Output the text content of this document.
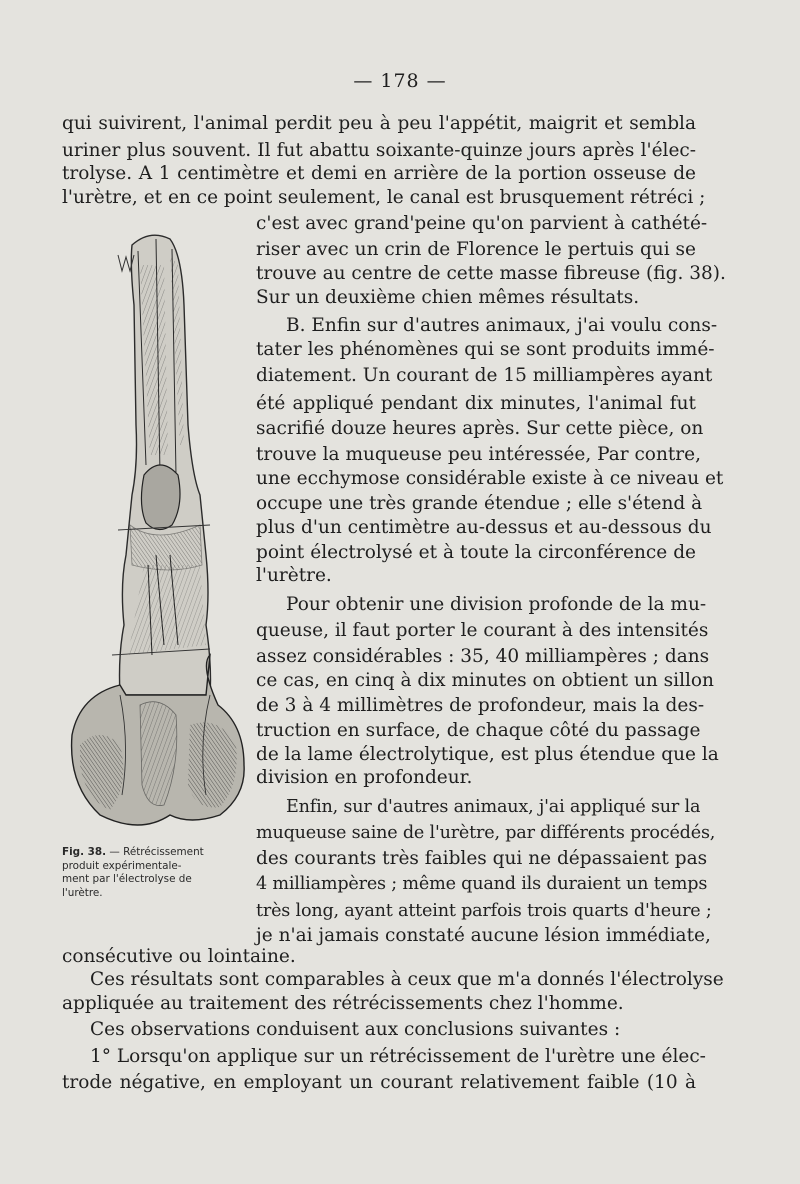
— 178 —
qui suivirent, l'animal perdit peu à peu l'appétit, maigrit et sembla
uriner plus souvent. Il fut abattu soixante-quinze jours après l'élec-
trolyse. A 1 centimètre et demi en arrière de la portion osseuse de
l'urètre, et en ce point seulement, le canal est brusquement rétréci ;
c'est avec grand'peine qu'on parvient à cathété-
riser avec un crin de Florence le pertuis qui se
trouve au centre de cette masse fibreuse (fig. 38).
Sur un deuxième chien mêmes résultats.
B. Enfin sur d'autres animaux, j'ai voulu cons-
tater les phénomènes qui se sont produits immé-
diatement. Un courant de 15 milliampères ayant
été appliqué pendant dix minutes, l'animal fut
sacrifié douze heures après. Sur cette pièce, on
trouve la muqueuse peu intéressée, Par contre,
une ecchymose considérable existe à ce niveau et
occupe une très grande étendue ; elle s'étend à
plus d'un centimètre au-dessus et au-dessous du
point électrolysé et à toute la circonférence de
l'urètre.
Pour obtenir une division profonde de la mu-
queuse, il faut porter le courant à des intensités
assez considérables : 35, 40 milliampères ; dans
ce cas, en cinq à dix minutes on obtient un sillon
de 3 à 4 millimètres de profondeur, mais la des-
truction en surface, de chaque côté du passage
de la lame électrolytique, est plus étendue que la
division en profondeur.
Enfin, sur d'autres animaux, j'ai appliqué sur la
muqueuse saine de l'urètre, par différents procédés,
des courants très faibles qui ne dépassaient pas
4 milliampères ; même quand ils duraient un temps
très long, ayant atteint parfois trois quarts d'heure ;
je n'ai jamais constaté aucune lésion immédiate,
consécutive ou lointaine.
Ces résultats sont comparables à ceux que m'a donnés l'électrolyse
appliquée au traitement des rétrécissements chez l'homme.
Ces observations conduisent aux conclusions suivantes :
1° Lorsqu'on applique sur un rétrécissement de l'urètre une élec-
trode négative, en employant un courant relativement faible (10 à
Fig. 38. — Rétrécissement
produit expérimentale-
ment par l'électrolyse de
l'urètre.
